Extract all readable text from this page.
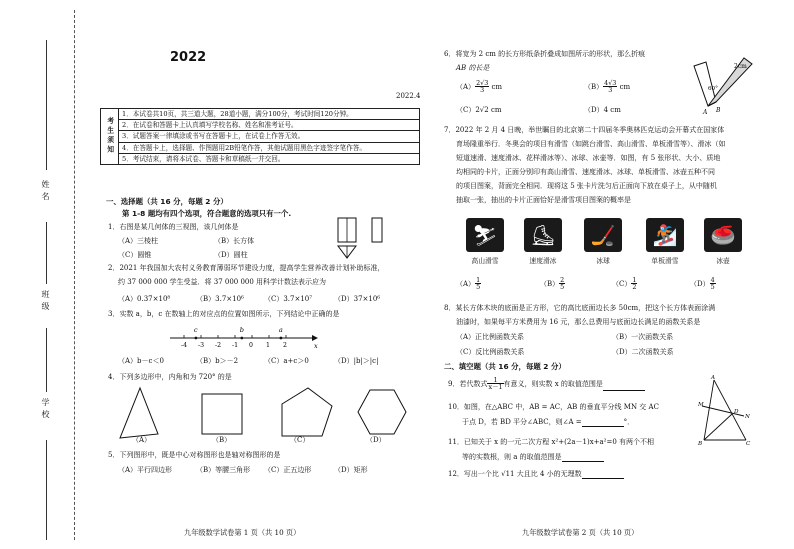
姓名
班级
学校
2022
2022.4
考生须知	1．本试卷共10页，共三道大题，28道小题，满分100分，考试时间120分钟。
2．在试卷和答题卡上认真填写学校名称、姓名和准考证号。
3．试题答案一律填涂或书写在答题卡上，在试卷上作答无效。
4．在答题卡上，选择题、作图题用2B铅笔作答，其他试题用黑色字迹签字笔作答。
5．考试结束，请将本试卷、答题卡和草稿纸一并交回。
一、选择题（共 16 分，每题 2 分）
第 1-8 题均有四个选项，符合题意的选项只有一个.
1．右图是某几何体的三视图，该几何体是
（A）三棱柱	（B）长方体
（C）圆锥	（D）圆柱
2．2021 年我国加大农村义务教育薄弱环节建设力度，提高学生营养改善计划补助标准，
约 37 000 000 学生受益．将 37 000 000 用科学计数法表示应为
（A）0.37×10⁸	（B）3.7×10⁶	（C）3.7×10⁷	（D）37×10⁶
3．实数 a，b，c 在数轴上的对应点的位置如图所示，下列结论中正确的是
-4 -3 -2 -1 0 1 2
c	b	a
x
（A）b－c＜0	（B）b＞－2	（C）a+c＞0	（D）|b|＞|c|
4．下列多边形中，内角和为 720° 的是
（A）	（B）	（C）	（D）
5．下列图形中，既是中心对称图形也是轴对称图形的是
（A）平行四边形	（B）等腰三角形 （C）正五边形	（D）矩形
九年级数学试卷第 1 页（共 10 页）
6．将宽为 2 cm 的长方形纸条折叠成如图所示的形状，那么折痕
AB 的长是
$(A) \frac{2√3}{3}$ cm	$(B) \frac{4√3}{3}$ cm
（C）2√2 cm	（D）4 cm
2cm
60°
A B
7．2022 年 2 月 4 日晚，举世瞩目的北京第二十四届冬季奥林匹克运动会开幕式在国家体
育场隆重举行．冬奥会的项目有滑雪（如跳台滑雪、高山滑雪、单板滑雪等）、滑冰（如
短道速滑、速度滑冰、花样滑冰等）、冰球、冰壶等．如图，有 5 张形状、大小、质地
均相同的卡片，正面分别印有高山滑雪、速度滑冰、冰球、单板滑雪、冰壶五种不同
的项目图案，背面完全相同．现将这 5 张卡片洗匀后正面向下放在桌子上，从中随机
抽取一张，抽出的卡片正面恰好是滑雪项目图案的概率是
⛷
高山滑雪
⛸
速度滑冰
🏒
冰球
🏂
单板滑雪
🥌
冰壶
$(A) \frac{1}{5}$	$(B) \frac{2}{5}$	$(C) \frac{1}{2}$	$(D) \frac{4}{5}$
8．某长方体木块的底面是正方形，它的高比底面边长多 50cm，把这个长方体表面涂满
油漆时，如果每平方米费用为 16 元，那么总费用与底面边长满足的函数关系是
（A）正比例函数关系	（B）一次函数关系
（C）反比例函数关系	（D）二次函数关系
二、填空题（共 16 分，每题 2 分）
9．若代数式 $\frac{1}{x-1}$ 有意义，则实数 x 的取值范围是
10．如图，在△ABC 中，AB = AC，AB 的垂直平分线 MN 交 AC
于点 D，若 BD 平分∠ABC，则∠A =	°．
A
M
N
D
B	C
11．已知关于 x 的一元二次方程 x²+(2a－1)x+a²=0 有两个不相
等的实数根，则 a 的取值范围是
12．写出一个比 √11 大且比 4 小的无理数
九年级数学试卷第 2 页（共 10 页）
